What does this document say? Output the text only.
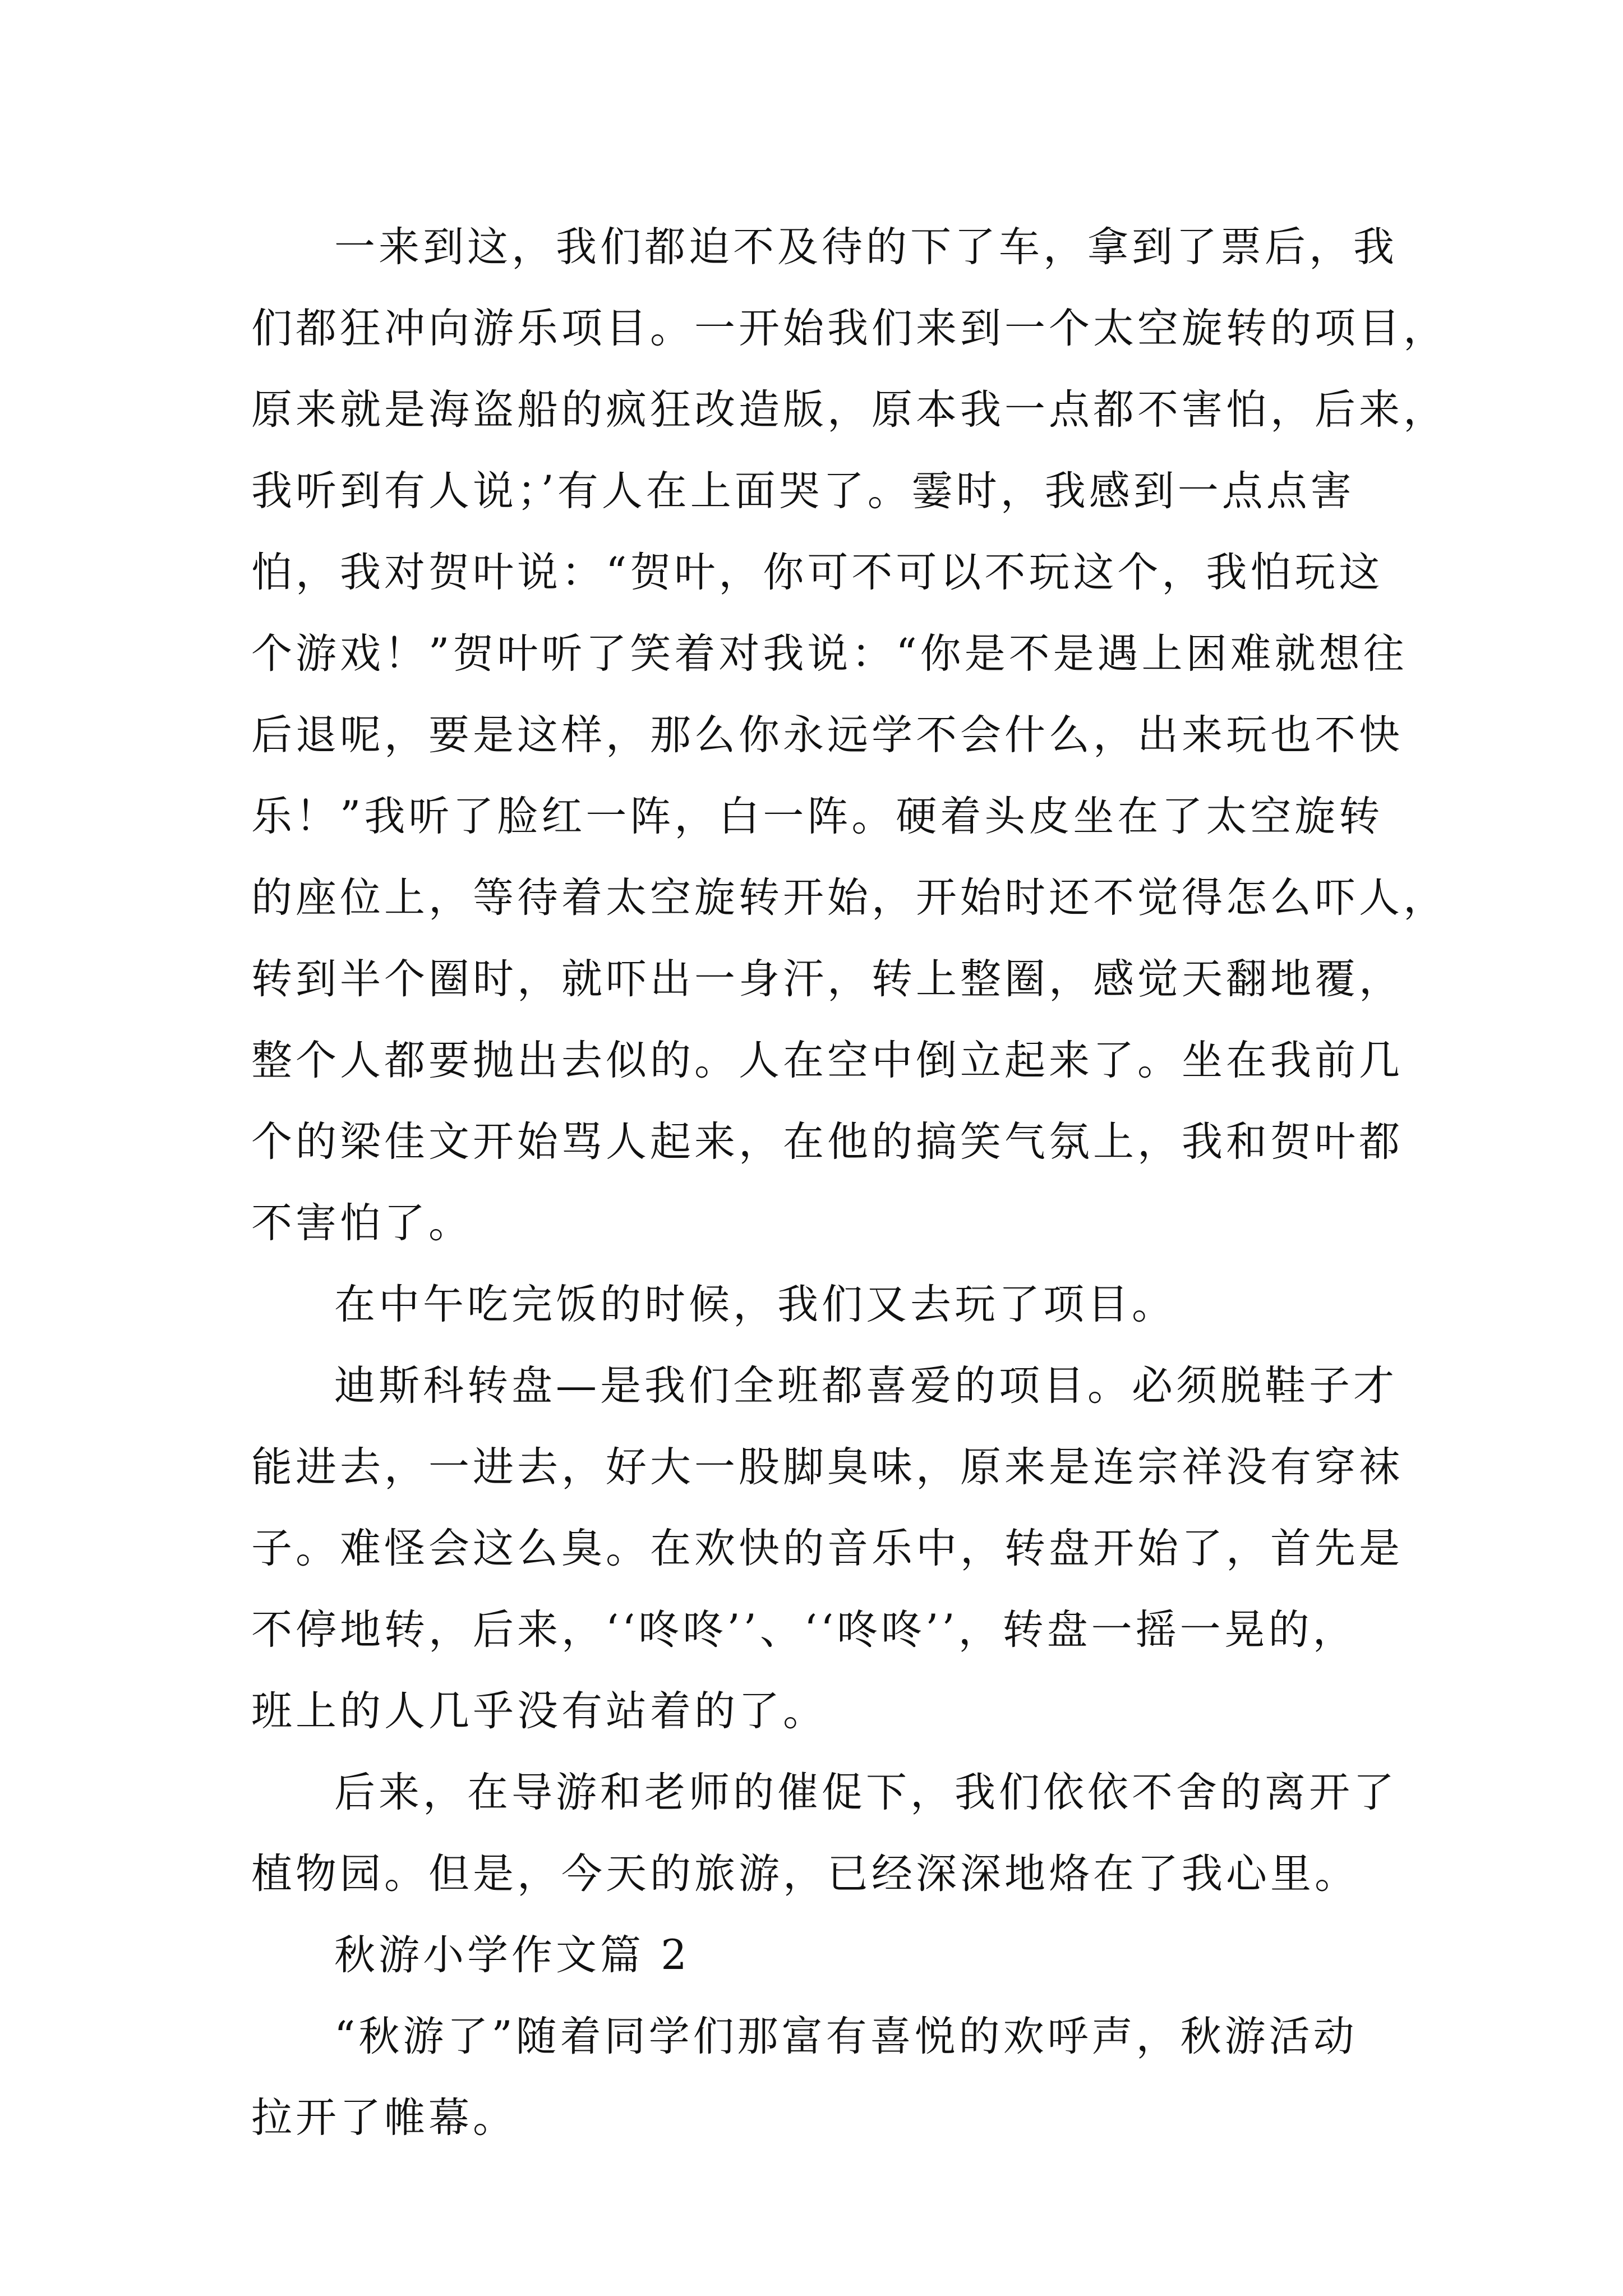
一来到这，我们都迫不及待的下了车，拿到了票后，我
们都狂冲向游乐项目。一开始我们来到一个太空旋转的项目，
原来就是海盗船的疯狂改造版，原本我一点都不害怕，后来，
我听到有人说；’有人在上面哭了。霎时，我感到一点点害
怕，我对贺叶说：“贺叶，你可不可以不玩这个，我怕玩这
个游戏！”贺叶听了笑着对我说：“你是不是遇上困难就想往
后退呢，要是这样，那么你永远学不会什么，出来玩也不快
乐！”我听了脸红一阵，白一阵。硬着头皮坐在了太空旋转
的座位上，等待着太空旋转开始，开始时还不觉得怎么吓人，
转到半个圈时，就吓出一身汗，转上整圈，感觉天翻地覆，
整个人都要抛出去似的。人在空中倒立起来了。坐在我前几
个的梁佳文开始骂人起来，在他的搞笑气氛上，我和贺叶都
不害怕了。
在中午吃完饭的时候，我们又去玩了项目。
迪斯科转盘—是我们全班都喜爱的项目。必须脱鞋子才
能进去，一进去，好大一股脚臭味，原来是连宗祥没有穿袜
子。难怪会这么臭。在欢快的音乐中，转盘开始了，首先是
不停地转，后来，‘‘咚咚’’、‘‘咚咚’’，转盘一摇一晃的，
班上的人几乎没有站着的了。
后来，在导游和老师的催促下，我们依依不舍的离开了
植物园。但是，今天的旅游，已经深深地烙在了我心里。
秋游小学作文篇 2
“秋游了”随着同学们那富有喜悦的欢呼声，秋游活动
拉开了帷幕。
